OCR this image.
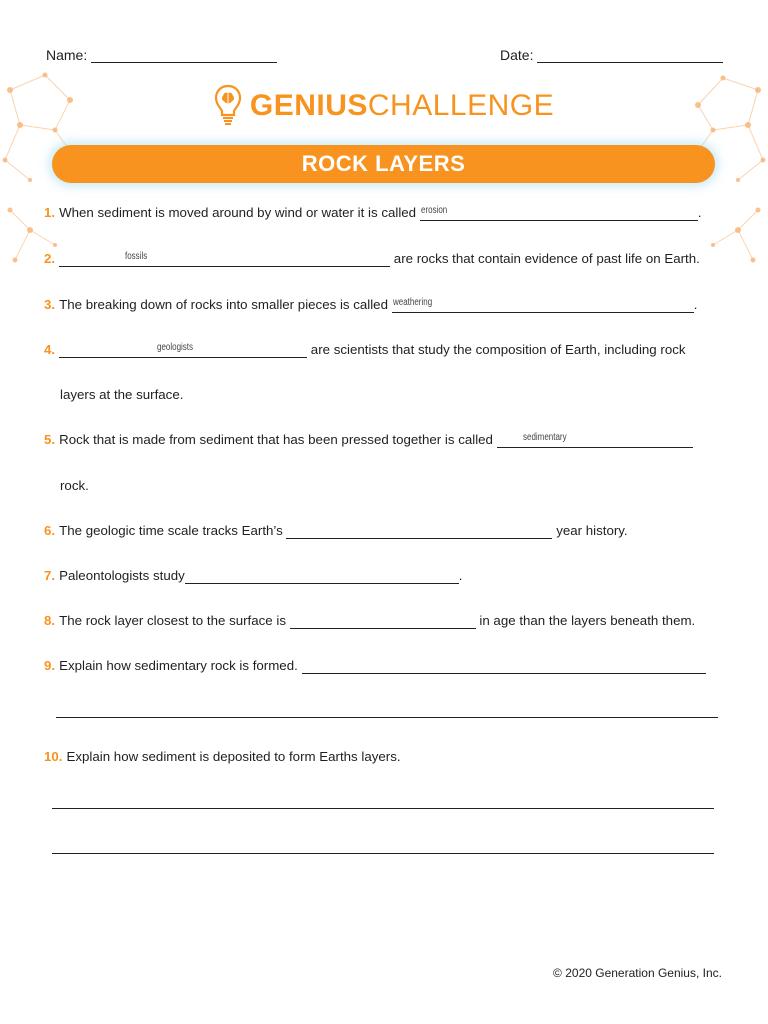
Name:	Date:
GENIUSCHALLENGE
ROCK LAYERS
1. When sediment is moved around by wind or water it is called erosion	.
2.	fossils	are rocks that contain evidence of past life on Earth.
3. The breaking down of rocks into smaller pieces is called weathering	.
4.	geologists	are scientists that study the composition of Earth, including rock
layers at the surface.
5. Rock that is made from sediment that has been pressed together is called	sedimentary
rock.
6. The geologic time scale tracks Earth’s	year history.
7. Paleontologists study	.
8. The rock layer closest to the surface is	in age than the layers beneath them.
9. Explain how sedimentary rock is formed.
10. Explain how sediment is deposited to form Earths layers.
© 2020 Generation Genius, Inc.
